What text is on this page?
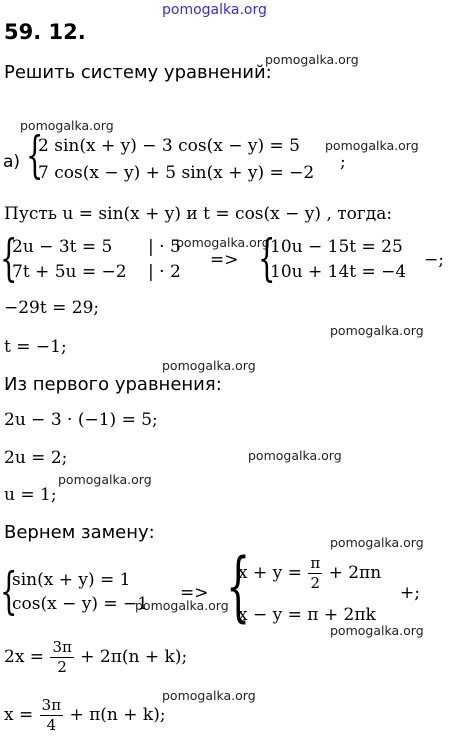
pomogalka.org
pomogalka.org
pomogalka.org
pomogalka.org
pomogalka.org
pomogalka.org
pomogalka.org
pomogalka.org
pomogalka.org
pomogalka.org
pomogalka.org
pomogalka.org
pomogalka.org
59. 12.
Решить систему уравнений:
а) {
2 sin(x + y) − 3 cos(x − y) = 5
7 cos(x − y) + 5 sin(x + y) = −2
;
Пусть u = sin(x + y) и t = cos(x − y) , тогда:
{
2u − 3t = 5 | · 5
7t + 5u = −2 | · 2
=> {
10u − 15t = 25
10u + 14t = −4
−;
−29t = 29;
t = −1;
Из первого уравнения:
2u − 3 · (−1) = 5;
2u = 2;
u = 1;
Вернем замену:
{
sin(x + y) = 1
cos(x − y) = −1
=> {
$x + y = \frac{\pi}{2} + 2\pi n$
x − y = π + 2πk
+;
$2x = \frac{3\pi}{2} + 2\pi(n + k)$;
$x = \frac{3\pi}{4} + \pi(n + k)$;
